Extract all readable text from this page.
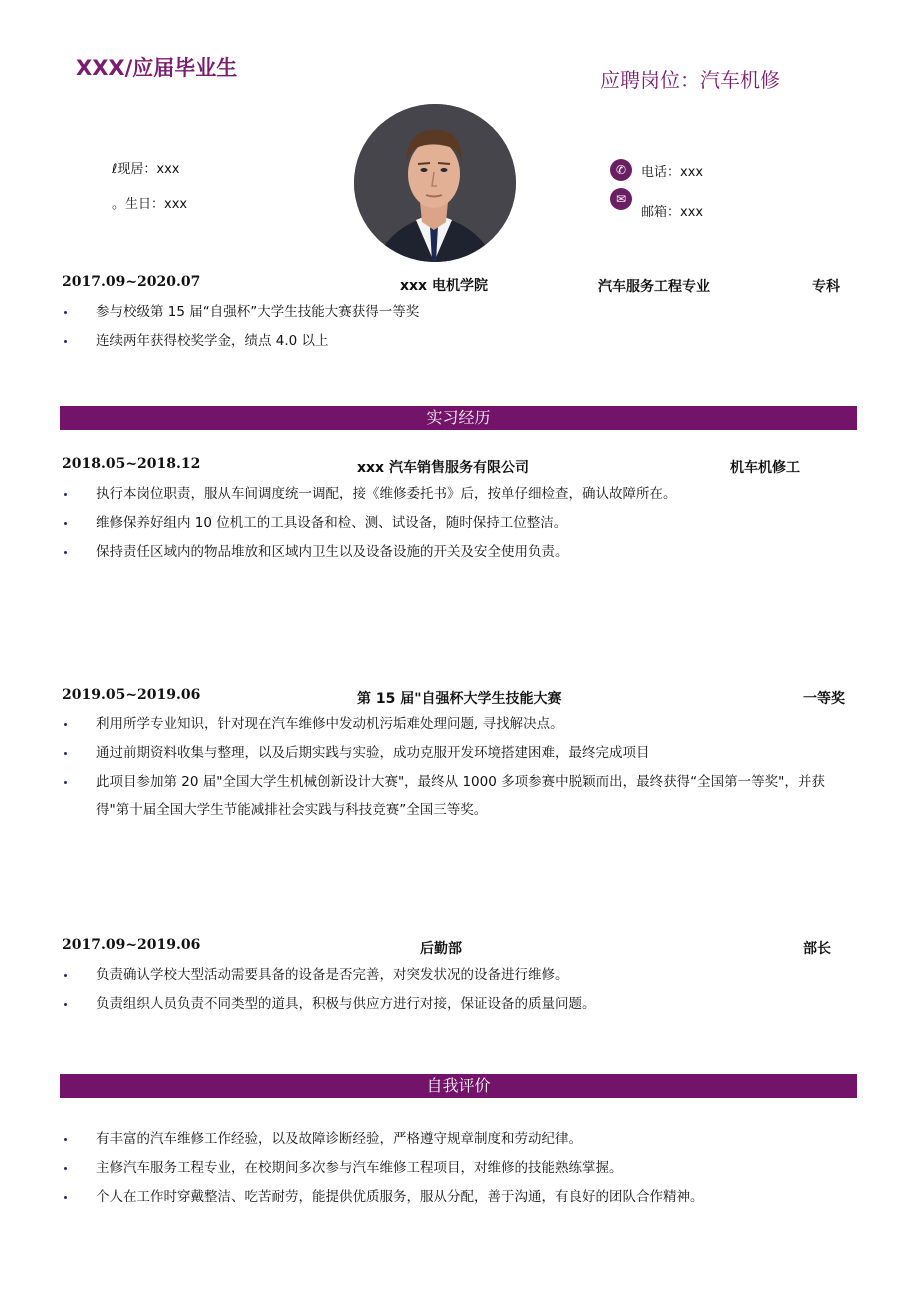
XXX/应届毕业生	应聘岗位：汽车机修
ℓ现居：xxx
。生日：xxx
✆	电话：xxx
✉
邮箱：xxx
2017.09~2020.07	xxx 电机学院	汽车服务工程专业	专科
参与校级第 15 届“自强杯”大学生技能大赛获得一等奖
连续两年获得校奖学金，绩点 4.0 以上
实习经历
2018.05~2018.12	xxx 汽车销售服务有限公司	机车机修工
执行本岗位职责，服从车间调度统一调配，接《维修委托书》后，按单仔细检查，确认故障所在。
维修保养好组内 10 位机工的工具设备和检、测、试设备，随时保持工位整洁。
保持责任区域内的物品堆放和区域内卫生以及设备设施的开关及安全使用负责。
2019.05~2019.06	第 15 届"自强杯大学生技能大赛	一等奖
利用所学专业知识，针对现在汽车维修中发动机污垢难处理问题, 寻找解决点。
通过前期资料收集与整理，以及后期实践与实验，成功克服开发环境搭建困难，最终完成项目
此项目参加第 20 届"全国大学生机械创新设计大赛"，最终从 1000 多项参赛中脱颖而出，最终获得“全国第一等奖"，并获得"第十届全国大学生节能减排社会实践与科技竞赛”全国三等奖。
2017.09~2019.06	后勤部	部长
负责确认学校大型活动需要具备的设备是否完善，对突发状况的设备进行维修。
负责组织人员负责不同类型的道具，积极与供应方进行对接，保证设备的质量问题。
自我评价
有丰富的汽车维修工作经验，以及故障诊断经验，严格遵守规章制度和劳动纪律。
主修汽车服务工程专业，在校期间多次参与汽车维修工程项目，对维修的技能熟练掌握。
个人在工作时穿戴整洁、吃苦耐劳，能提供优质服务，服从分配，善于沟通，有良好的团队合作精神。
